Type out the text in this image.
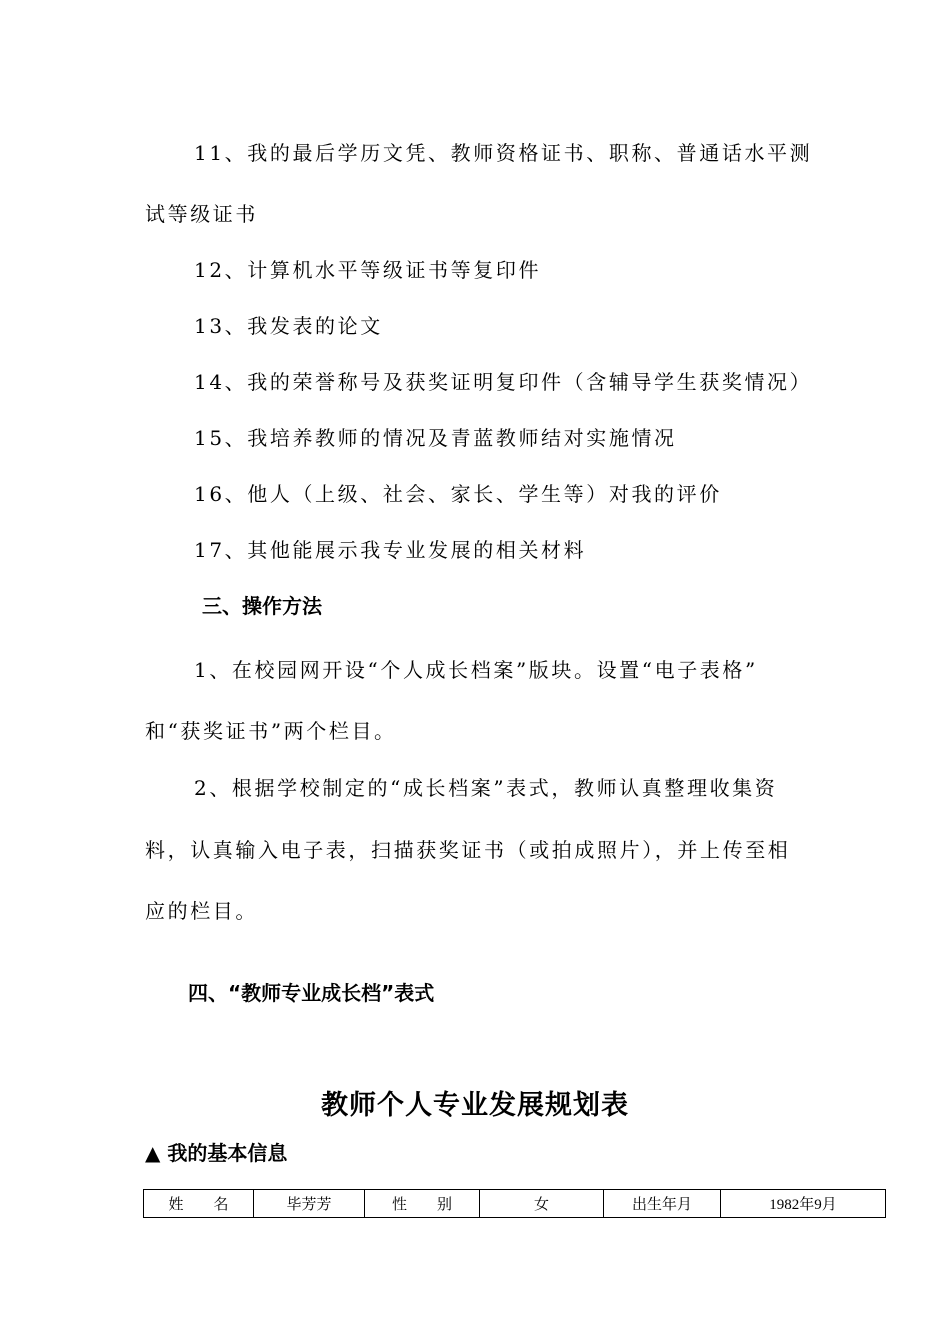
11、我的最后学历文凭、教师资格证书、职称、普通话水平测
试等级证书
12、计算机水平等级证书等复印件
13、我发表的论文
14、我的荣誉称号及获奖证明复印件（含辅导学生获奖情况）
15、我培养教师的情况及青蓝教师结对实施情况
16、他人（上级、社会、家长、学生等）对我的评价
17、其他能展示我专业发展的相关材料
三、操作方法
1、在校园网开设“个人成长档案”版块。设置“电子表格”
和“获奖证书”两个栏目。
2、根据学校制定的“成长档案”表式，教师认真整理收集资
料，认真输入电子表，扫描获奖证书（或拍成照片），并上传至相
应的栏目。
四、“教师专业成长档”表式
教师个人专业发展规划表
▲ 我的基本信息
姓　　名	毕芳芳	性　　别	女	出生年月	1982年9月
